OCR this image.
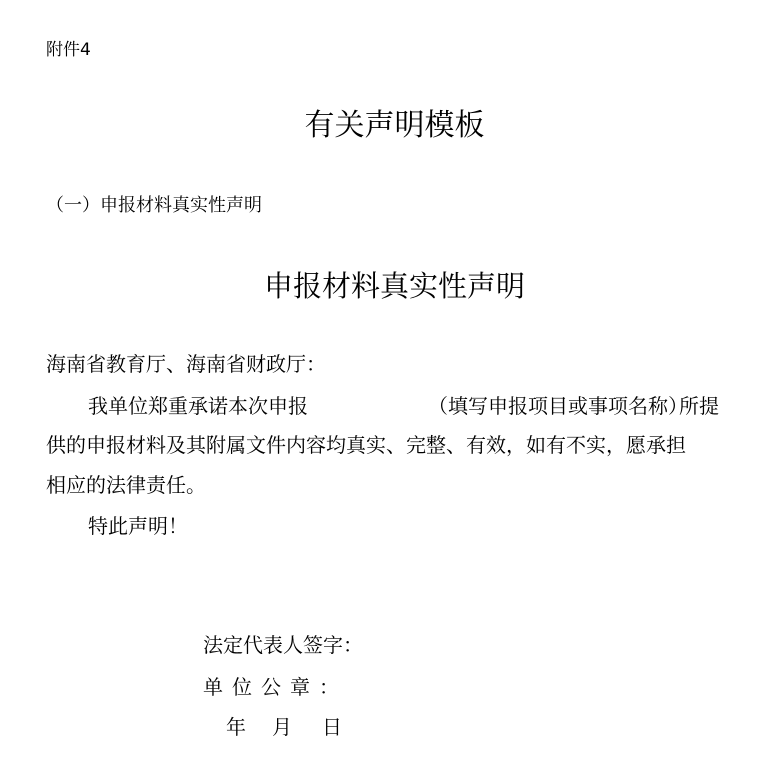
附件4
有关声明模板
（一）申报材料真实性声明
申报材料真实性声明
海南省教育厅、海南省财政厅：
我单位郑重承诺本次申报	（填写申报项目或事项名称）
所提
供的申报材料及其附属文件内容均真实、完整、有效，如有不实，愿承担
相应的法律责任。
特此声明！
法定代表人签字：
单位公章：
年 月 日
